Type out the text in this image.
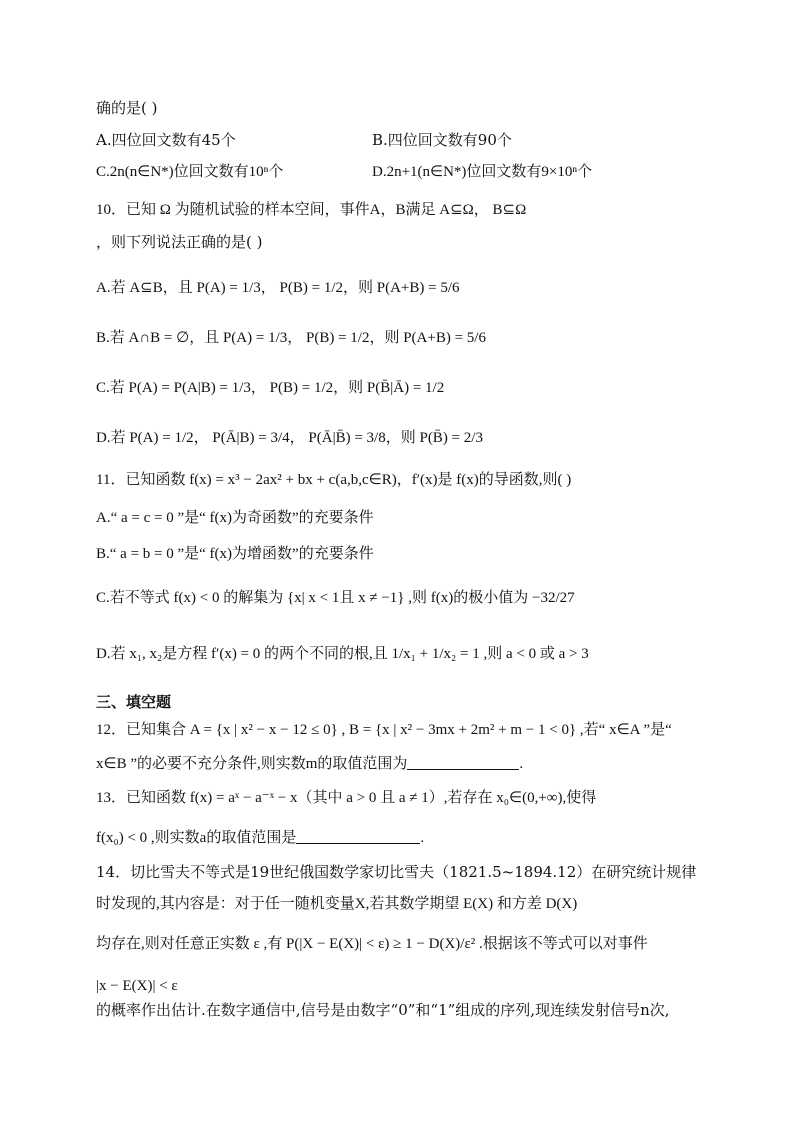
确的是( )
A.四位回文数有45个	B.四位回文数有90个
C.2n(n∈N*)位回文数有10ⁿ个	D.2n+1(n∈N*)位回文数有9×10ⁿ个
10．已知 Ω 为随机试验的样本空间，事件A，B满足 A⊆Ω， B⊆Ω
，则下列说法正确的是( )
A.若 A⊆B，且 P(A) = 1/3， P(B) = 1/2，则 P(A+B) = 5/6
B.若 A∩B = ∅，且 P(A) = 1/3， P(B) = 1/2，则 P(A+B) = 5/6
C.若 P(A) = P(A|B) = 1/3， P(B) = 1/2，则 P(B̄|Ā) = 1/2
D.若 P(A) = 1/2， P(Ā|B) = 3/4， P(Ā|B̄) = 3/8，则 P(B̄) = 2/3
11．已知函数 f(x) = x³ − 2ax² + bx + c(a,b,c∈R)，f′(x)是 f(x)的导函数,则( )
A.“ a = c = 0 ”是“ f(x)为奇函数”的充要条件
B.“ a = b = 0 ”是“ f(x)为增函数”的充要条件
C.若不等式 f(x) < 0 的解集为 {x| x < 1且 x ≠ −1} ,则 f(x)的极小值为 −32/27
D.若 x₁, x₂是方程 f′(x) = 0 的两个不同的根,且 1/x₁ + 1/x₂ = 1 ,则 a < 0 或 a > 3
三、填空题
12．已知集合 A = {x | x² − x − 12 ≤ 0} , B = {x | x² − 3mx + 2m² + m − 1 < 0} ,若“ x∈A ”是“
x∈B ”的必要不充分条件,则实数m的取值范围为	.
13．已知函数 f(x) = aˣ − a⁻ˣ − x（其中 a > 0 且 a ≠ 1）,若存在 x₀∈(0,+∞),使得
f(x₀) < 0 ,则实数a的取值范围是	.
14．切比雪夫不等式是19世纪俄国数学家切比雪夫（1821.5~1894.12）在研究统计规律
时发现的,其内容是：对于任一随机变量X,若其数学期望 E(X) 和方差 D(X)
均存在,则对任意正实数 ε ,有 P(|X − E(X)| < ε) ≥ 1 − D(X)/ε² .根据该不等式可以对事件
|x − E(X)| < ε
的概率作出估计.在数字通信中,信号是由数字“0”和“1”组成的序列,现连续发射信号n次,
